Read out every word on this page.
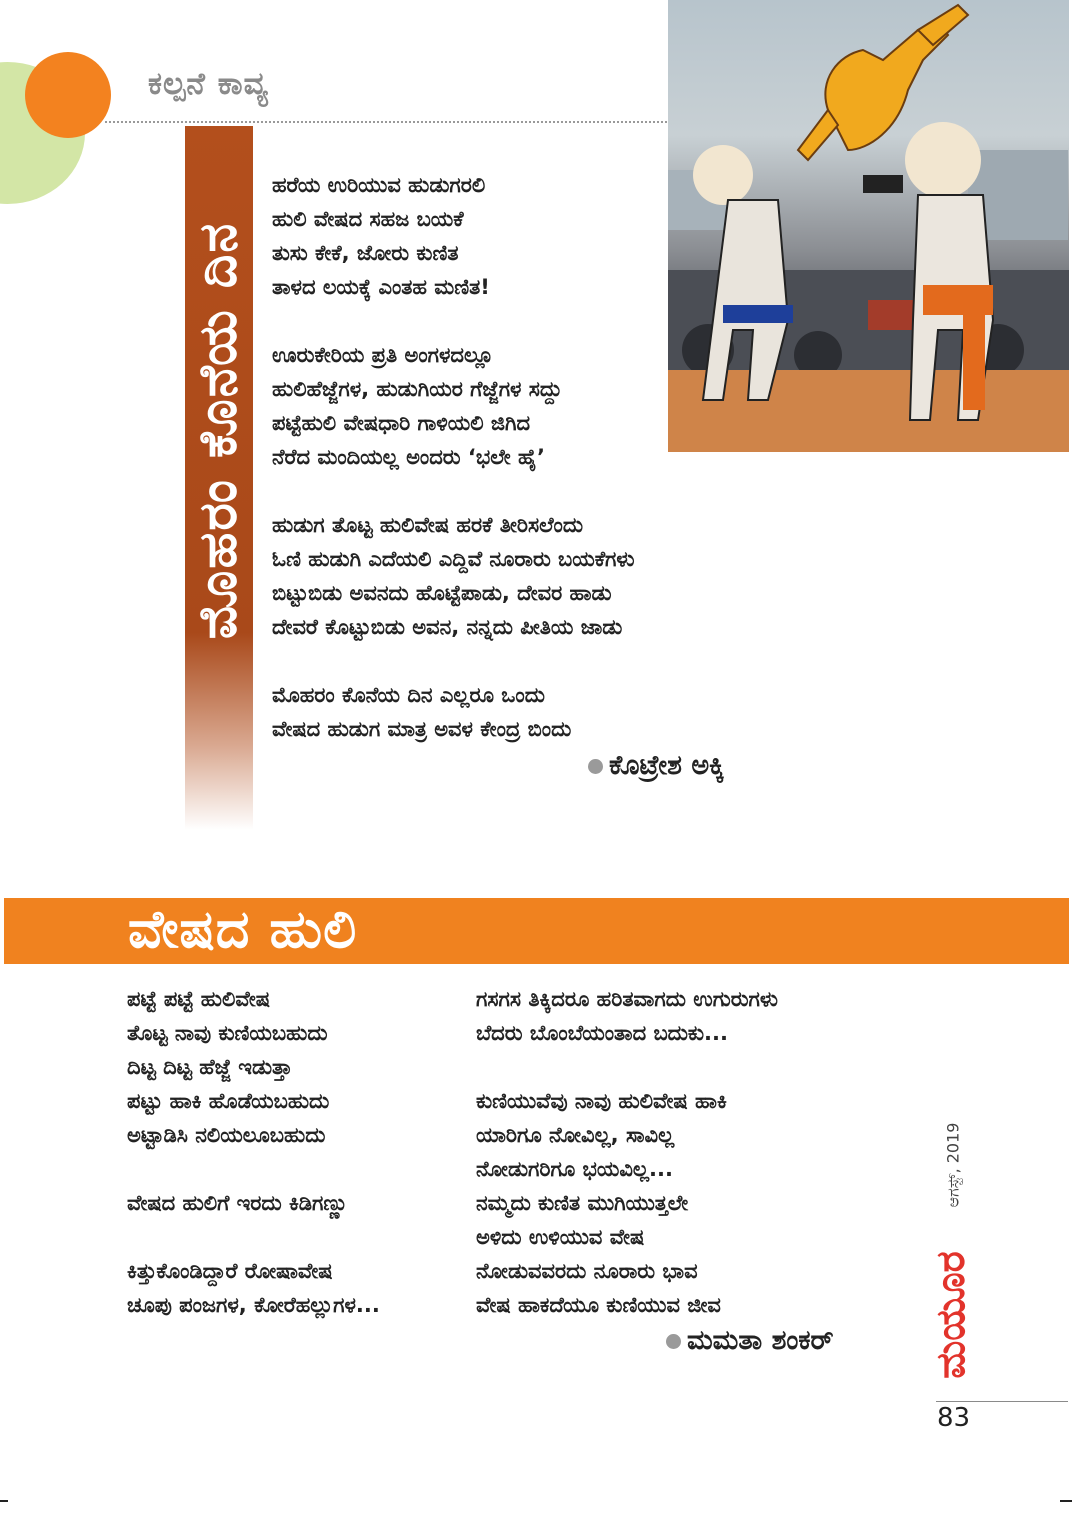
ಕಲ್ಪನೆ ಕಾವ್ಯ
ಮೊಹರಂ ಕೊನೆಯ ದಿನ
ಹರೆಯ ಉರಿಯುವ ಹುಡುಗರಲಿ
ಹುಲಿ ವೇಷದ ಸಹಜ ಬಯಕೆ
ತುಸು ಕೇಕೆ, ಜೋರು ಕುಣಿತ
ತಾಳದ ಲಯಕ್ಕೆ ಎಂತಹ ಮಣಿತ!
ಊರುಕೇರಿಯ ಪ್ರತಿ ಅಂಗಳದಲ್ಲೂ
ಹುಲಿಹೆಜ್ಜೆಗಳ, ಹುಡುಗಿಯರ ಗೆಜ್ಜೆಗಳ ಸದ್ದು
ಪಟ್ಟೆಹುಲಿ ವೇಷಧಾರಿ ಗಾಳಿಯಲಿ ಜಿಗಿದ
ನೆರೆದ ಮಂದಿಯಲ್ಲ ಅಂದರು ‘ಭಲೇ ಹೈ’
ಹುಡುಗ ತೊಟ್ಟ ಹುಲಿವೇಷ ಹರಕೆ ತೀರಿಸಲೆಂದು
ಓಣಿ ಹುಡುಗಿ ಎದೆಯಲಿ ಎದ್ದಿವೆ ನೂರಾರು ಬಯಕೆಗಳು
ಬಿಟ್ಟುಬಿಡು ಅವನದು ಹೊಟ್ಟೆಪಾಡು, ದೇವರ ಹಾಡು
ದೇವರೆ ಕೊಟ್ಟುಬಿಡು ಅವನ, ನನ್ನದು ಪೀತಿಯ ಜಾಡು
ಮೊಹರಂ ಕೊನೆಯ ದಿನ ಎಲ್ಲರೂ ಒಂದು
ವೇಷದ ಹುಡುಗ ಮಾತ್ರ ಅವಳ ಕೇಂದ್ರ ಬಿಂದು
ಕೊಟ್ರೇಶ ಅಕ್ಕಿ
ವೇಷದ ಹುಲಿ
ಪಟ್ಟೆ ಪಟ್ಟೆ ಹುಲಿವೇಷ
ತೊಟ್ಟ ನಾವು ಕುಣಿಯಬಹುದು
ದಿಟ್ಟ ದಿಟ್ಟ ಹೆಜ್ಜೆ ಇಡುತ್ತಾ
ಪಟ್ಟು ಹಾಕಿ ಹೊಡೆಯಬಹುದು
ಅಟ್ಟಾಡಿಸಿ ನಲಿಯಲೂಬಹುದು
ವೇಷದ ಹುಲಿಗೆ ಇರದು ಕಿಡಿಗಣ್ಣು
ಕಿತ್ತುಕೊಂಡಿದ್ದಾರೆ ರೋಷಾವೇಷ
ಚೂಪು ಪಂಜಗಳ, ಕೋರೆಹಲ್ಲುಗಳ...
ಗಸಗಸ ತಿಕ್ಕಿದರೂ ಹರಿತವಾಗದು ಉಗುರುಗಳು
ಬೆದರು ಬೊಂಬೆಯಂತಾದ ಬದುಕು...
ಕುಣಿಯುವೆವು ನಾವು ಹುಲಿವೇಷ ಹಾಕಿ
ಯಾರಿಗೂ ನೋವಿಲ್ಲ, ಸಾವಿಲ್ಲ
ನೋಡುಗರಿಗೂ ಭಯವಿಲ್ಲ...
ನಮ್ಮದು ಕುಣಿತ ಮುಗಿಯುತ್ತಲೇ
ಅಳಿದು ಉಳಿಯುವ ವೇಷ
ನೋಡುವವರದು ನೂರಾರು ಭಾವ
ವೇಷ ಹಾಕದೆಯೂ ಕುಣಿಯುವ ಜೀವ
ಮಮತಾ ಶಂಕರ್
ಆಗಸ್ಟ್, 2019
ಮಯೂರ
83
